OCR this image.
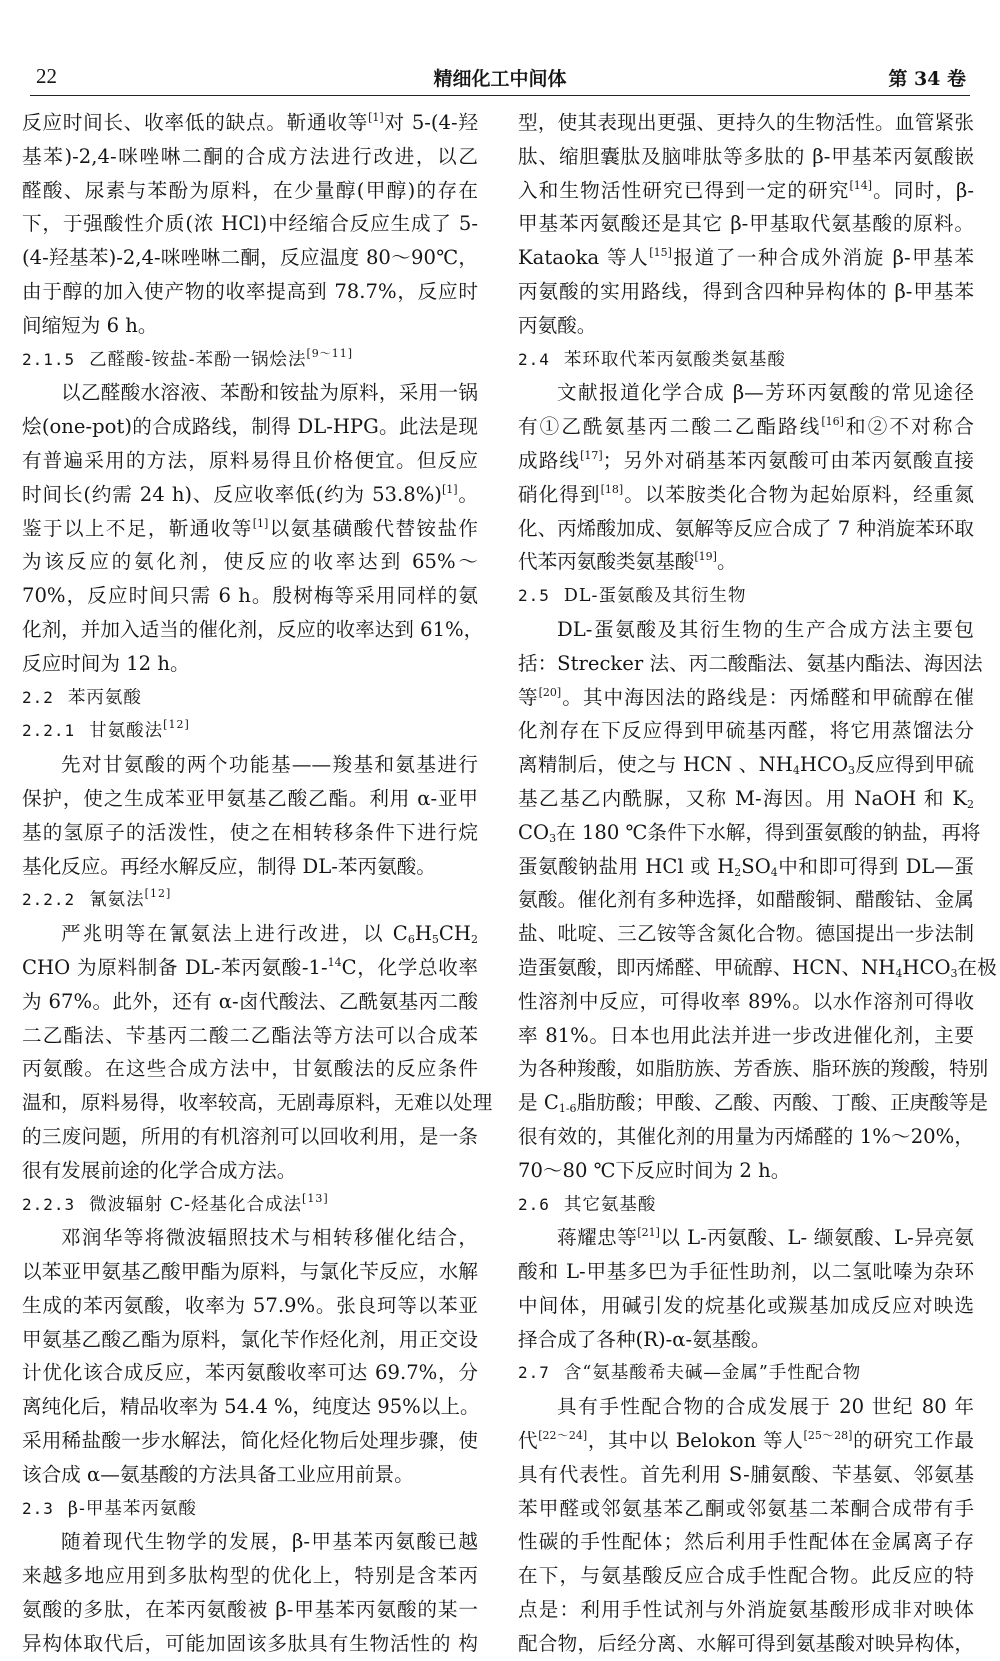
22	精细化工中间体	第 34 卷
反应时间长、收率低的缺点。靳通收等[1]对 5-(4-羟
基苯)-2,4-咪唑啉二酮的合成方法进行改进，以乙
醛酸、尿素与苯酚为原料，在少量醇(甲醇)的存在
下，于强酸性介质(浓 HCl)中经缩合反应生成了 5-
(4-羟基苯)-2,4-咪唑啉二酮，反应温度 80～90℃，
由于醇的加入使产物的收率提高到 78.7%，反应时
间缩短为 6 h。
2.1.5 乙醛酸-铵盐-苯酚一锅烩法[9～11]
以乙醛酸水溶液、苯酚和铵盐为原料，采用一锅
烩(one-pot)的合成路线，制得 DL-HPG。此法是现
有普遍采用的方法，原料易得且价格便宜。但反应
时间长(约需 24 h)、反应收率低(约为 53.8%)[1]。
鉴于以上不足，靳通收等[1]以氨基磺酸代替铵盐作
为该反应的氨化剂，使反应的收率达到 65%～
70%，反应时间只需 6 h。殷树梅等采用同样的氨
化剂，并加入适当的催化剂，反应的收率达到 61%，
反应时间为 12 h。
2.2 苯丙氨酸
2.2.1 甘氨酸法[12]
先对甘氨酸的两个功能基——羧基和氨基进行
保护，使之生成苯亚甲氨基乙酸乙酯。利用 α-亚甲
基的氢原子的活泼性，使之在相转移条件下进行烷
基化反应。再经水解反应，制得 DL-苯丙氨酸。
2.2.2 氰氨法[12]
严兆明等在氰氨法上进行改进，以 $C_6H_5CH_2$
CHO 为原料制备 DL-苯丙氨酸-1-$^{14}$C，化学总收率
为 67%。此外，还有 α-卤代酸法、乙酰氨基丙二酸
二乙酯法、苄基丙二酸二乙酯法等方法可以合成苯
丙氨酸。在这些合成方法中，甘氨酸法的反应条件
温和，原料易得，收率较高，无剧毒原料，无难以处理
的三废问题，所用的有机溶剂可以回收利用，是一条
很有发展前途的化学合成方法。
2.2.3 微波辐射 C-烃基化合成法[13]
邓润华等将微波辐照技术与相转移催化结合，
以苯亚甲氨基乙酸甲酯为原料，与氯化苄反应，水解
生成的苯丙氨酸，收率为 57.9%。张良珂等以苯亚
甲氨基乙酸乙酯为原料，氯化苄作烃化剂，用正交设
计优化该合成反应，苯丙氨酸收率可达 69.7%，分
离纯化后，精品收率为 54.4 %，纯度达 95%以上。
采用稀盐酸一步水解法，简化烃化物后处理步骤，使
该合成 α—氨基酸的方法具备工业应用前景。
2.3 β-甲基苯丙氨酸
随着现代生物学的发展，β-甲基苯丙氨酸已越
来越多地应用到多肽构型的优化上，特别是含苯丙
氨酸的多肽，在苯丙氨酸被 β-甲基苯丙氨酸的某一
异构体取代后，可能加固该多肽具有生物活性的 构
型，使其表现出更强、更持久的生物活性。血管紧张
肽、缩胆囊肽及脑啡肽等多肽的 β-甲基苯丙氨酸嵌
入和生物活性研究已得到一定的研究[14]。同时，β-
甲基苯丙氨酸还是其它 β-甲基取代氨基酸的原料。
Kataoka 等人[15]报道了一种合成外消旋 β-甲基苯
丙氨酸的实用路线，得到含四种异构体的 β-甲基苯
丙氨酸。
2.4 苯环取代苯丙氨酸类氨基酸
文献报道化学合成 β—芳环丙氨酸的常见途径
有①乙酰氨基丙二酸二乙酯路线[16]和②不对称合
成路线[17]；另外对硝基苯丙氨酸可由苯丙氨酸直接
硝化得到[18]。以苯胺类化合物为起始原料，经重氮
化、丙烯酸加成、氨解等反应合成了 7 种消旋苯环取
代苯丙氨酸类氨基酸[19]。
2.5 DL-蛋氨酸及其衍生物
DL-蛋氨酸及其衍生物的生产合成方法主要包
括：Strecker 法、丙二酸酯法、氨基内酯法、海因法
等[20]。其中海因法的路线是：丙烯醛和甲硫醇在催
化剂存在下反应得到甲硫基丙醛，将它用蒸馏法分
离精制后，使之与 HCN 、$NH_4HCO_3$反应得到甲硫
基乙基乙内酰脲，又称 M-海因。用 NaOH 和 $K_2$
$CO_3$在 180 ℃条件下水解，得到蛋氨酸的钠盐，再将
蛋氨酸钠盐用 HCl 或 $H_2SO_4$中和即可得到 DL—蛋
氨酸。催化剂有多种选择，如醋酸铜、醋酸钴、金属
盐、吡啶、三乙铵等含氮化合物。德国提出一步法制
造蛋氨酸，即丙烯醛、甲硫醇、HCN、$NH_4HCO_3$在极
性溶剂中反应，可得收率 89%。以水作溶剂可得收
率 81%。日本也用此法并进一步改进催化剂，主要
为各种羧酸，如脂肪族、芳香族、脂环族的羧酸，特别
是 $C_{1-6}$脂肪酸；甲酸、乙酸、丙酸、丁酸、正庚酸等是
很有效的，其催化剂的用量为丙烯醛的 1%～20%，
70～80 ℃下反应时间为 2 h。
2.6 其它氨基酸
蒋耀忠等[21]以 L-丙氨酸、L- 缬氨酸、L-异亮氨
酸和 L-甲基多巴为手征性助剂，以二氢吡嗪为杂环
中间体，用碱引发的烷基化或羰基加成反应对映选
择合成了各种(R)-α-氨基酸。
2.7 含“氨基酸希夫碱—金属”手性配合物
具有手性配合物的合成发展于 20 世纪 80 年
代[22～24]，其中以 Belokon 等人[25～28]的研究工作最
具有代表性。首先利用 S-脯氨酸、苄基氨、邻氨基
苯甲醛或邻氨基苯乙酮或邻氨基二苯酮合成带有手
性碳的手性配体；然后利用手性配体在金属离子存
在下，与氨基酸反应合成手性配合物。此反应的特
点是：利用手性试剂与外消旋氨基酸形成非对映体
配合物，后经分离、水解可得到氨基酸对映异构体，
